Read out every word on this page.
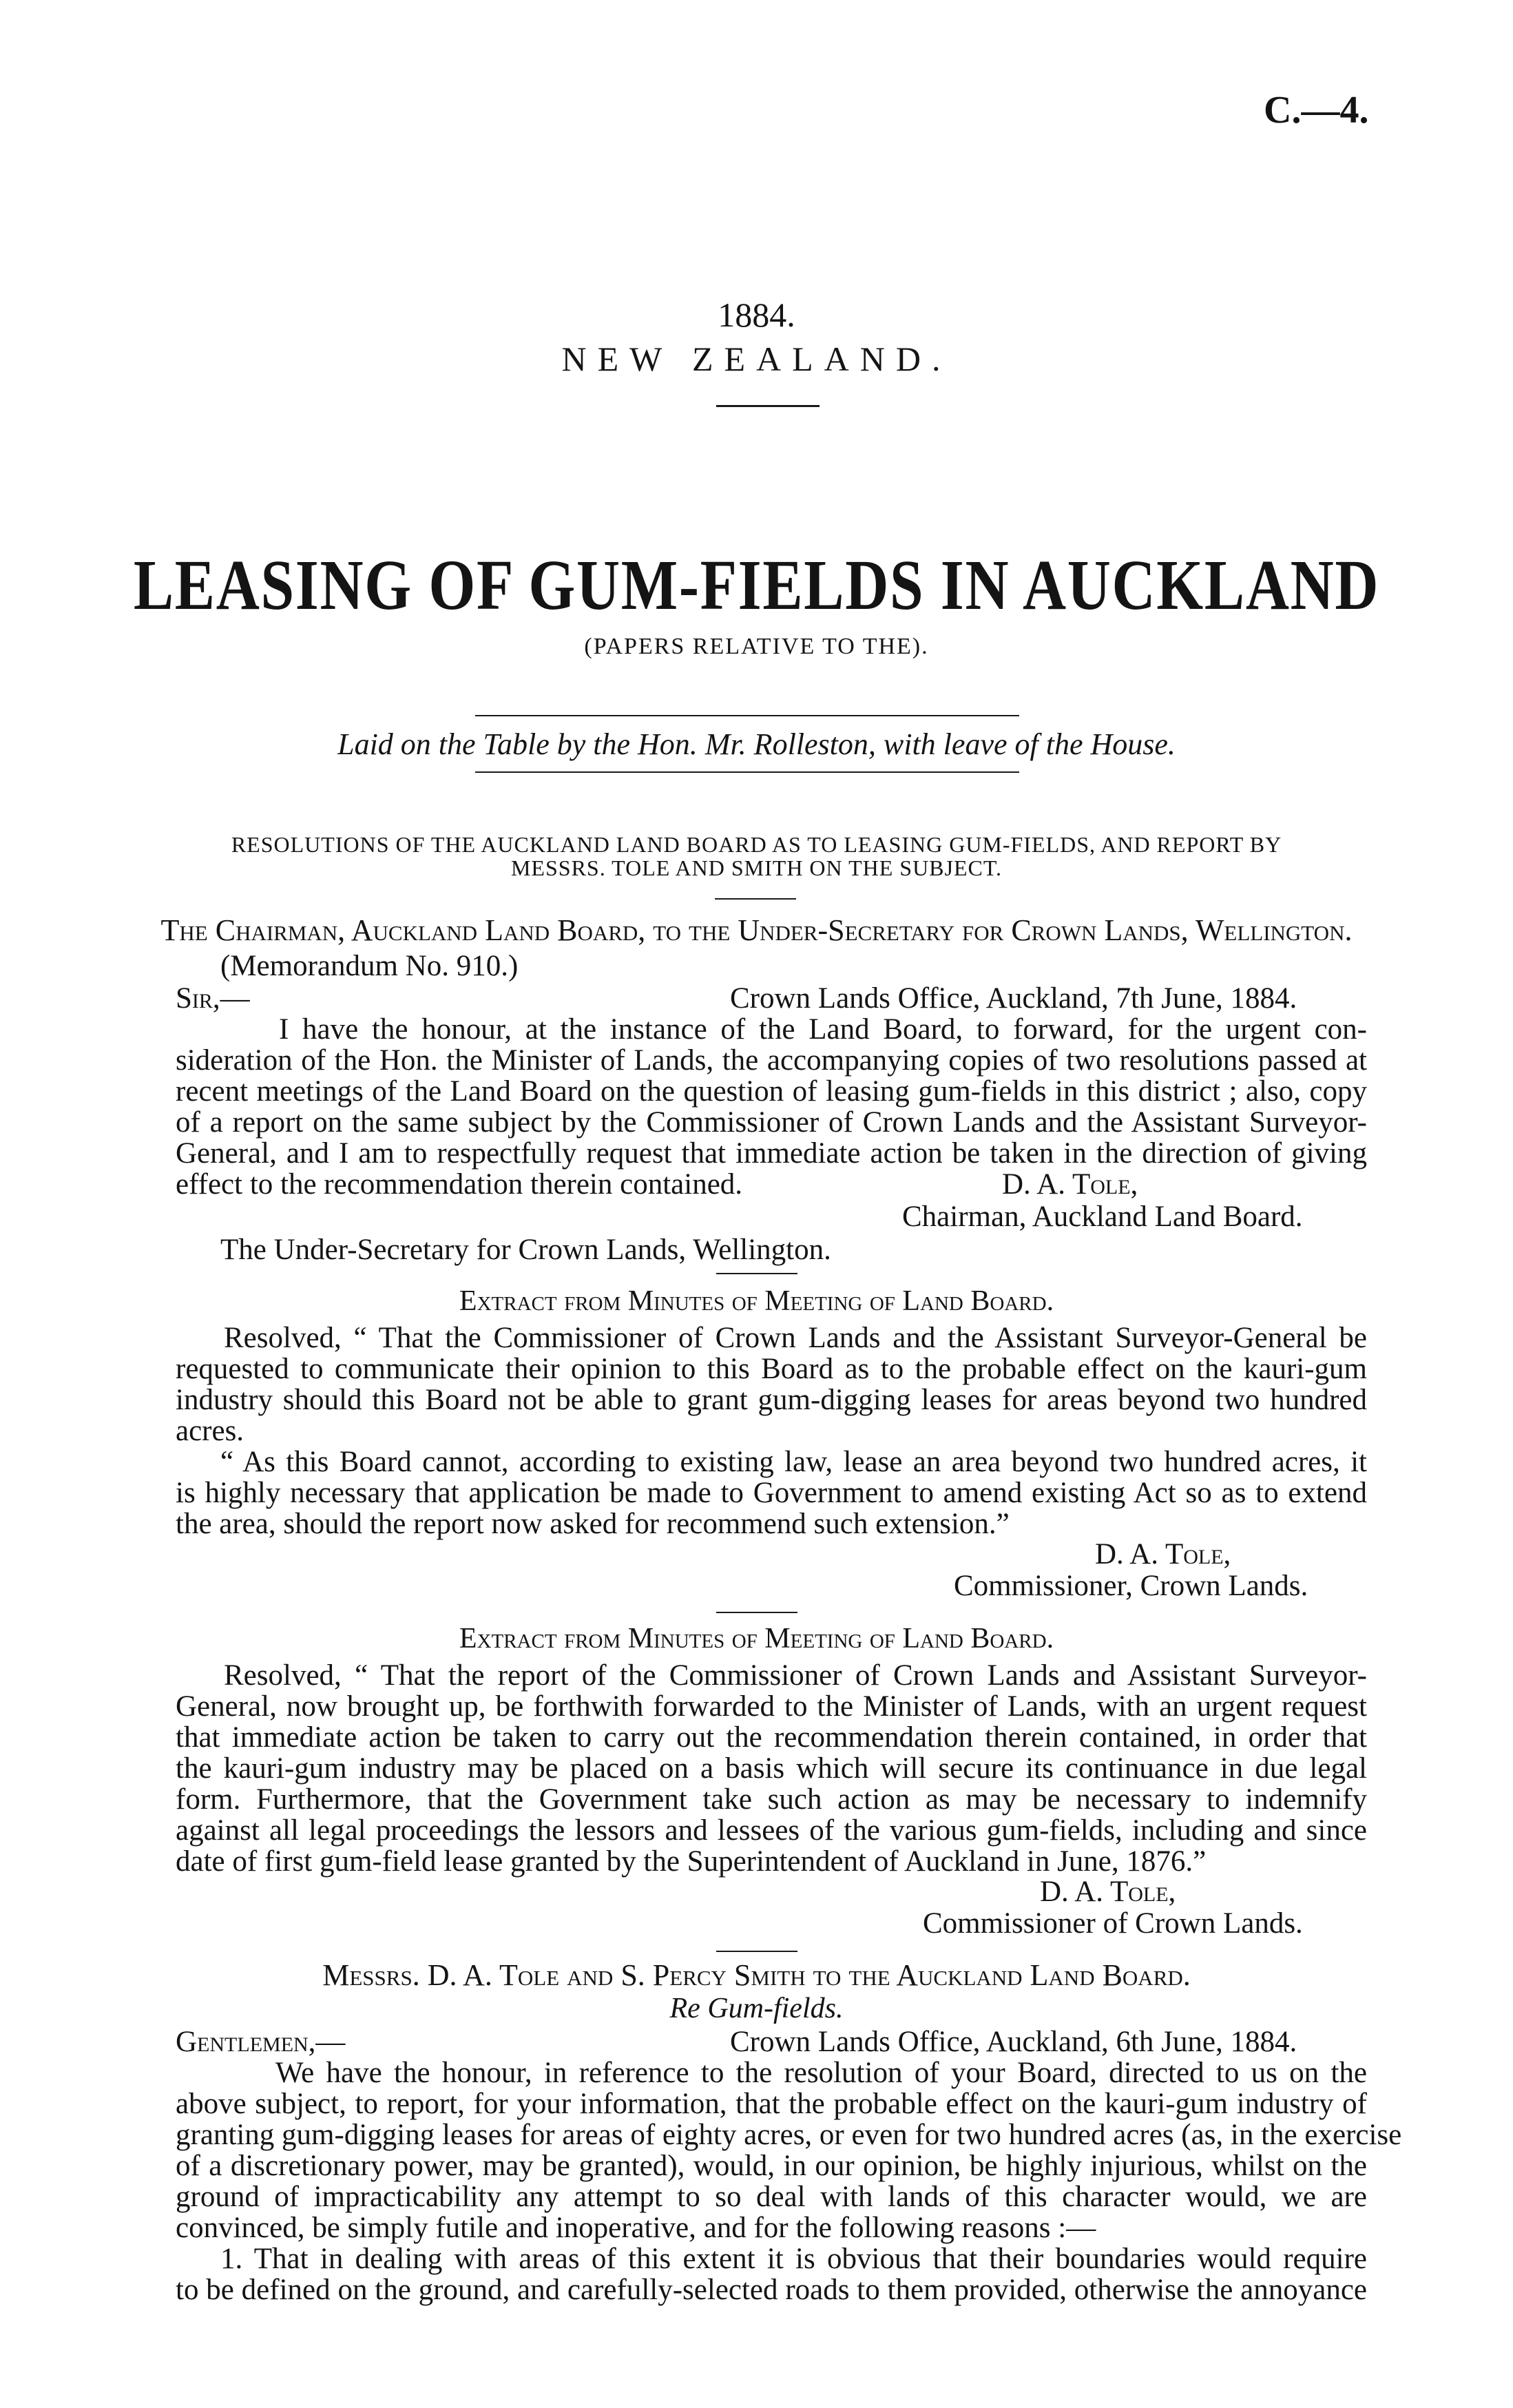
C.—4.
1884.
NEW ZEALAND.
LEASING OF GUM-FIELDS IN AUCKLAND
(PAPERS RELATIVE TO THE).
Laid on the Table by the Hon. Mr. Rolleston, with leave of the House.
RESOLUTIONS OF THE AUCKLAND LAND BOARD AS TO LEASING GUM-FIELDS, AND REPORT BY
MESSRS. TOLE AND SMITH ON THE SUBJECT.
The Chairman, Auckland Land Board, to the Under-Secretary for Crown Lands, Wellington.
(Memorandum No. 910.)
Sir,—	Crown Lands Office, Auckland, 7th June, 1884.
I have the honour, at the instance of the Land Board, to forward, for the urgent con-
sideration of the Hon. the Minister of Lands, the accompanying copies of two resolutions passed at
recent meetings of the Land Board on the question of leasing gum-fields in this district ; also, copy
of a report on the same subject by the Commissioner of Crown Lands and the Assistant Surveyor-
General, and I am to respectfully request that immediate action be taken in the direction of giving
effect to the recommendation therein contained.	D. A. Tole,
Chairman, Auckland Land Board.
The Under-Secretary for Crown Lands, Wellington.
Extract from Minutes of Meeting of Land Board.
Resolved, “ That the Commissioner of Crown Lands and the Assistant Surveyor-General be
requested to communicate their opinion to this Board as to the probable effect on the kauri-gum
industry should this Board not be able to grant gum-digging leases for areas beyond two hundred
acres.
“ As this Board cannot, according to existing law, lease an area beyond two hundred acres, it
is highly necessary that application be made to Government to amend existing Act so as to extend
the area, should the report now asked for recommend such extension.”
D. A. Tole,
Commissioner, Crown Lands.
Extract from Minutes of Meeting of Land Board.
Resolved, “ That the report of the Commissioner of Crown Lands and Assistant Surveyor-
General, now brought up, be forthwith forwarded to the Minister of Lands, with an urgent request
that immediate action be taken to carry out the recommendation therein contained, in order that
the kauri-gum industry may be placed on a basis which will secure its continuance in due legal
form. Furthermore, that the Government take such action as may be necessary to indemnify
against all legal proceedings the lessors and lessees of the various gum-fields, including and since
date of first gum-field lease granted by the Superintendent of Auckland in June, 1876.”
D. A. Tole,
Commissioner of Crown Lands.
Messrs. D. A. Tole and S. Percy Smith to the Auckland Land Board.
Re Gum-fields.
Gentlemen,—	Crown Lands Office, Auckland, 6th June, 1884.
We have the honour, in reference to the resolution of your Board, directed to us on the
above subject, to report, for your information, that the probable effect on the kauri-gum industry of
granting gum-digging leases for areas of eighty acres, or even for two hundred acres (as, in the exercise
of a discretionary power, may be granted), would, in our opinion, be highly injurious, whilst on the
ground of impracticability any attempt to so deal with lands of this character would, we are
convinced, be simply futile and inoperative, and for the following reasons :—
1. That in dealing with areas of this extent it is obvious that their boundaries would require
to be defined on the ground, and carefully-selected roads to them provided, otherwise the annoyance
